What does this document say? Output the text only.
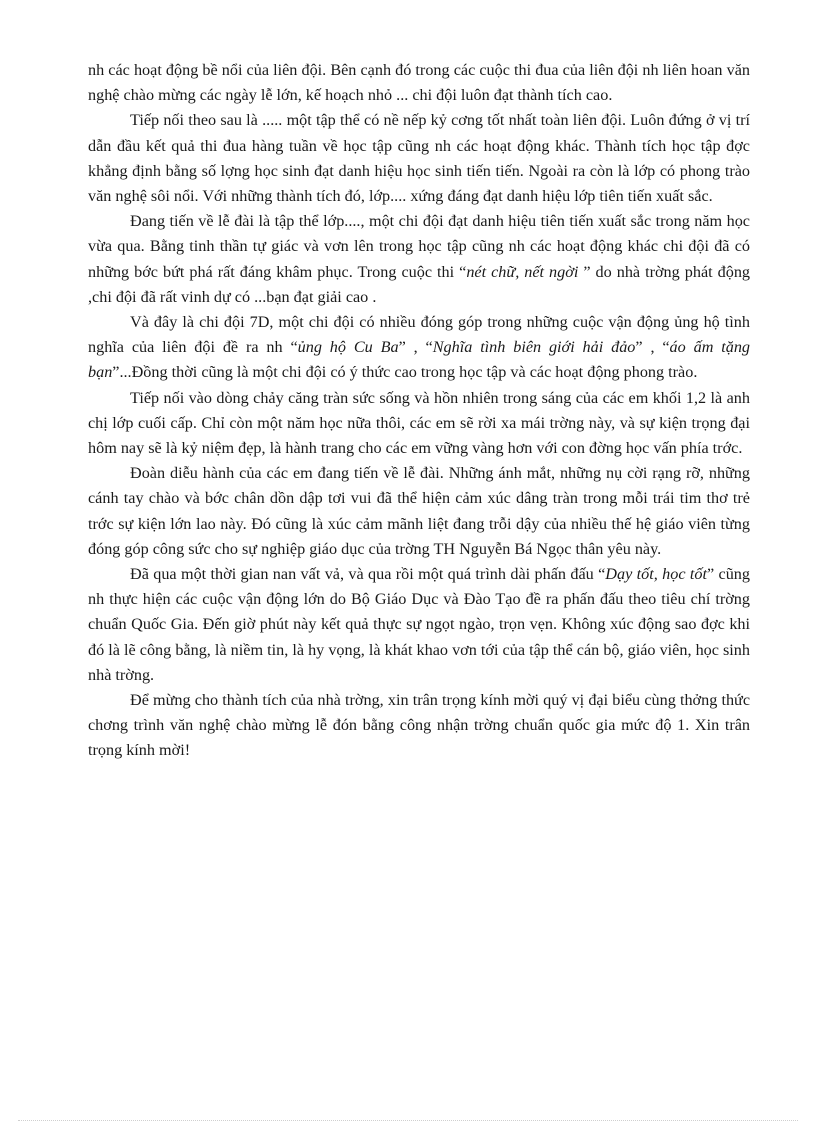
nh các hoạt động bề nổi của liên đội. Bên cạnh đó trong các cuộc thi đua của liên đội nh liên hoan văn nghệ chào mừng các ngày lễ lớn, kế hoạch nhỏ ... chi đội luôn đạt thành tích cao.

Tiếp nối theo sau là ..... một tập thể có nề nếp kỷ cơng tốt nhất toàn liên đội. Luôn đứng ở vị trí dẫn đầu kết quả thi đua hàng tuần về học tập cũng nh các hoạt động khác. Thành tích học tập đợc khẳng định bằng số lợng học sinh đạt danh hiệu học sinh tiến tiến. Ngoài ra còn là lớp có phong trào văn nghệ sôi nổi. Với những thành tích đó, lớp.... xứng đáng đạt danh hiệu lớp tiên tiến xuất sắc.

Đang tiến về lễ đài là tập thể lớp...., một chi đội đạt danh hiệu tiên tiến xuất sắc trong năm học vừa qua. Bằng tinh thần tự giác và vơn lên trong học tập cũng nh các hoạt động khác chi đội đã có những bớc bứt phá rất đáng khâm phục. Trong cuộc thi “nét chữ, nết ngời ” do nhà trờng phát động ,chi đội đã rất vinh dự có ...bạn đạt giải cao .

Và đây là chi đội 7D, một chi đội có nhiều đóng góp trong những cuộc vận động ủng hộ tình nghĩa của liên đội đề ra nh “ủng hộ Cu Ba” , “Nghĩa tình biên giới hải đảo” , “áo ấm tặng bạn”...Đồng thời cũng là một chi đội có ý thức cao trong học tập và các hoạt động phong trào.

Tiếp nối vào dòng chảy căng tràn sức sống và hồn nhiên trong sáng của các em khối 1,2 là anh chị lớp cuối cấp. Chỉ còn một năm học nữa thôi, các em sẽ rời xa mái trờng này, và sự kiện trọng đại hôm nay sẽ là kỷ niệm đẹp, là hành trang cho các em vững vàng hơn với con đờng học vấn phía trớc.

Đoàn diễu hành của các em đang tiến về lễ đài. Những ánh mắt, những nụ cời rạng rỡ, những cánh tay chào và bớc chân dồn dập tơi vui đã thể hiện cảm xúc dâng tràn trong mỗi trái tim thơ trẻ trớc sự kiện lớn lao này. Đó cũng là xúc cảm mãnh liệt đang trỗi dậy của nhiều thế hệ giáo viên từng đóng góp công sức cho sự nghiệp giáo dục của trờng TH Nguyễn Bá Ngọc thân yêu này.

Đã qua một thời gian nan vất vả, và qua rồi một quá trình dài phấn đấu “Dạy tốt, học tốt” cũng nh thực hiện các cuộc vận động lớn do Bộ Giáo Dục và Đào Tạo đề ra phấn đấu theo tiêu chí trờng chuẩn Quốc Gia. Đến giờ phút này kết quả thực sự ngọt ngào, trọn vẹn. Không xúc động sao đợc khi đó là lẽ công bằng, là niềm tin, là hy vọng, là khát khao vơn tới của tập thể cán bộ, giáo viên, học sinh nhà trờng.

Để mừng cho thành tích của nhà trờng, xin trân trọng kính mời quý vị đại biểu cùng thởng thức chơng trình văn nghệ chào mừng lễ đón bằng công nhận trờng chuẩn quốc gia mức độ 1. Xin trân trọng kính mời!
